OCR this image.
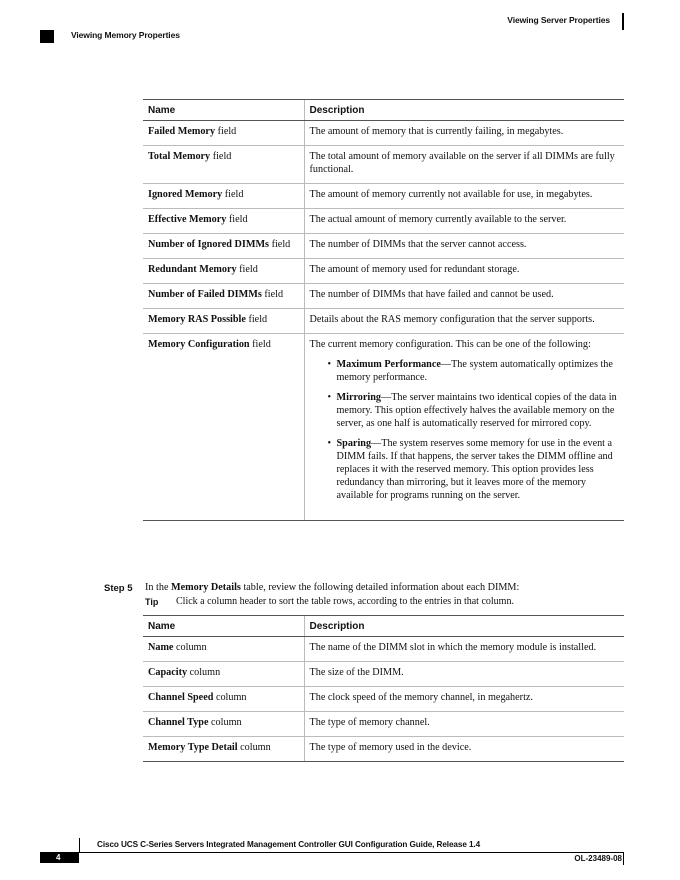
Viewing Server Properties
Viewing Memory Properties
Name	Description
Failed Memory field	The amount of memory that is currently failing, in megabytes.
Total Memory field	The total amount of memory available on the server if all DIMMs are fully functional.
Ignored Memory field	The amount of memory currently not available for use, in megabytes.
Effective Memory field	The actual amount of memory currently available to the server.
Number of Ignored DIMMs field	The number of DIMMs that the server cannot access.
Redundant Memory field	The amount of memory used for redundant storage.
Number of Failed DIMMs field	The number of DIMMs that have failed and cannot be used.
Memory RAS Possible field	Details about the RAS memory configuration that the server supports.
Memory Configuration field	The current memory configuration. This can be one of the following:
• Maximum Performance—The system automatically optimizes the memory performance.
• Mirroring—The server maintains two identical copies of the data in memory. This option effectively halves the available memory on the server, as one half is automatically reserved for mirrored copy.
• Sparing—The system reserves some memory for use in the event a DIMM fails. If that happens, the server takes the DIMM offline and replaces it with the reserved memory. This option provides less redundancy than mirroring, but it leaves more of the memory available for programs running on the server.
Step 5 In the Memory Details table, review the following detailed information about each DIMM:
Tip Click a column header to sort the table rows, according to the entries in that column.
Name	Description
Name column	The name of the DIMM slot in which the memory module is installed.
Capacity column	The size of the DIMM.
Channel Speed column	The clock speed of the memory channel, in megahertz.
Channel Type column	The type of memory channel.
Memory Type Detail column	The type of memory used in the device.
Cisco UCS C-Series Servers Integrated Management Controller GUI Configuration Guide, Release 1.4
4	OL-23489-08
